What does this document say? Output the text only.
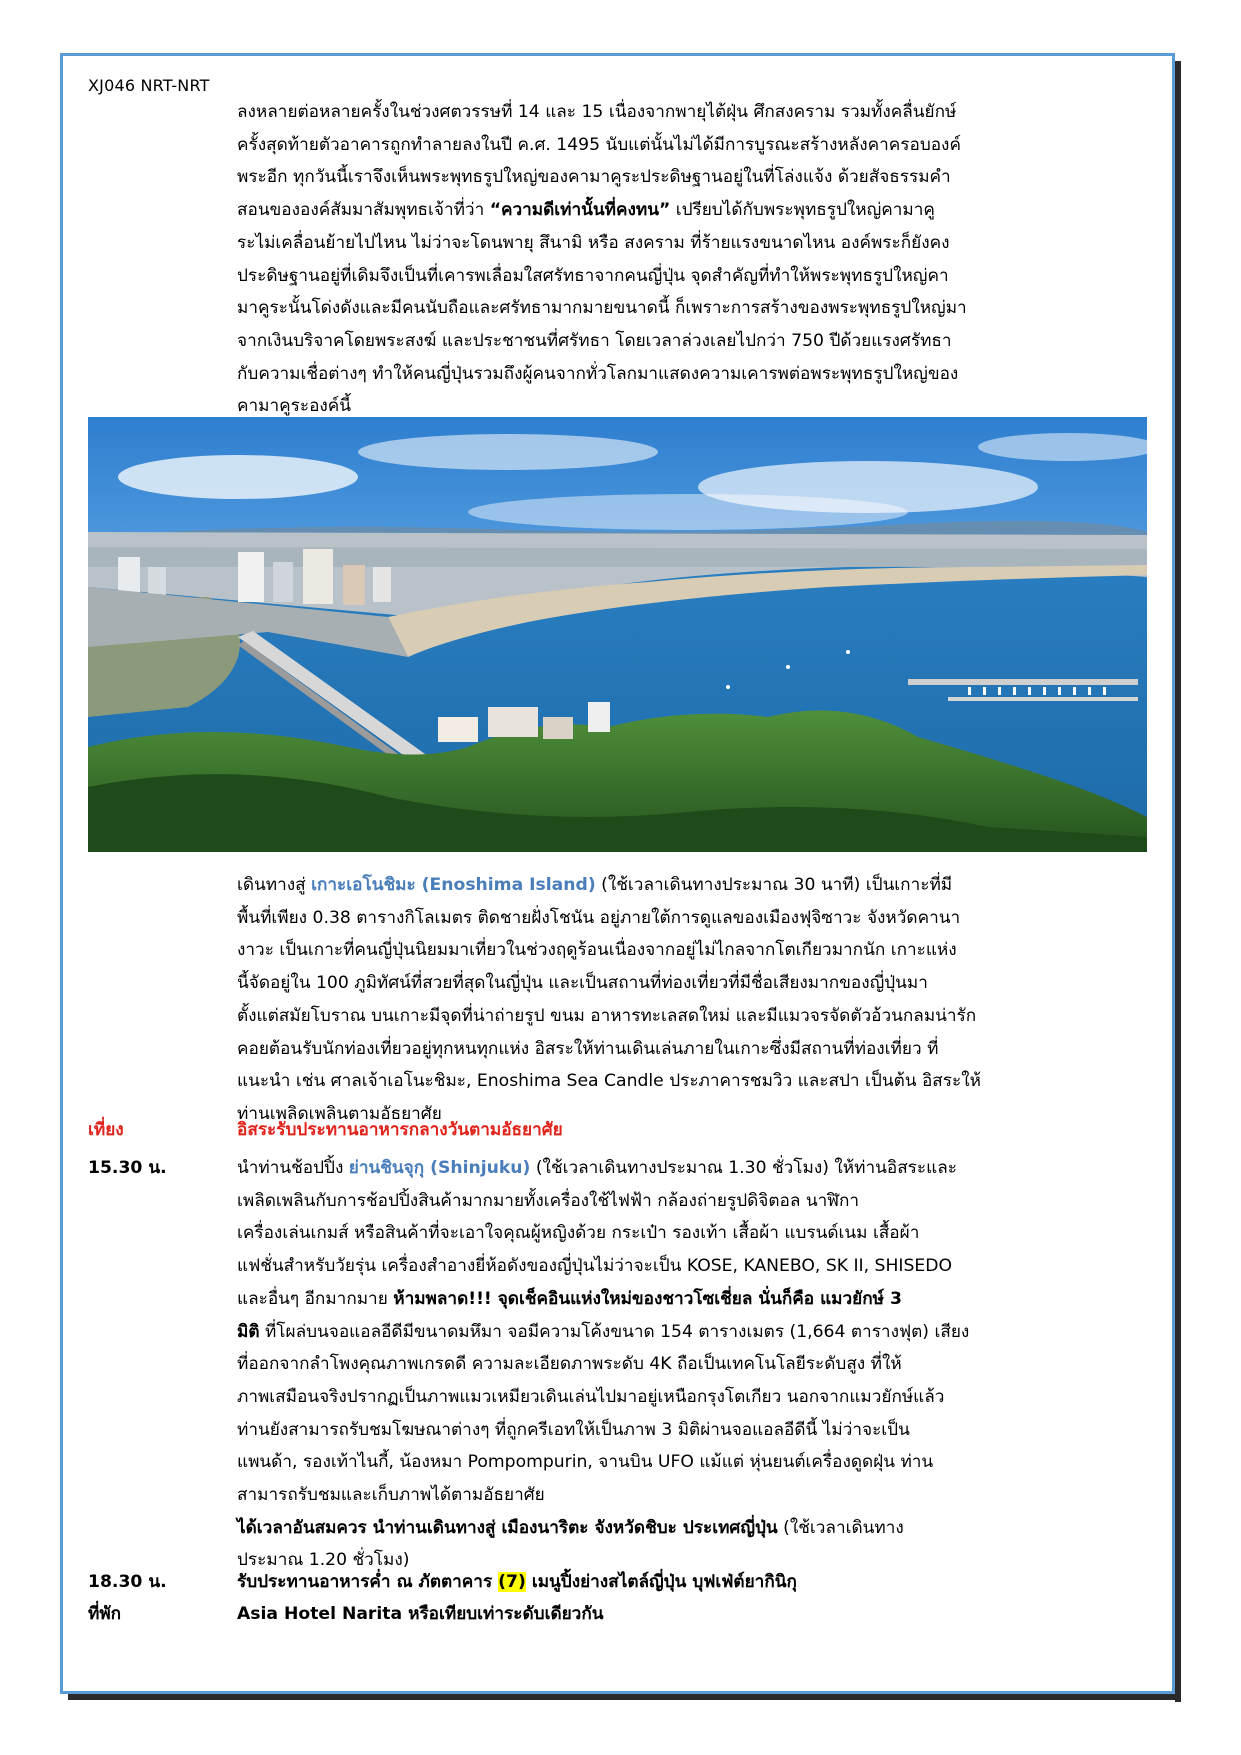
XJ046 NRT-NRT
ลงหลายต่อหลายครั้งในช่วงศตวรรษที่ 14 และ 15 เนื่องจากพายุไต้ฝุ่น ศึกสงคราม รวมทั้งคลื่นยักษ์
ครั้งสุดท้ายตัวอาคารถูกทำลายลงในปี ค.ศ. 1495 นับแต่นั้นไม่ได้มีการบูรณะสร้างหลังคาครอบองค์
พระอีก ทุกวันนี้เราจึงเห็นพระพุทธรูปใหญ่ของคามาคูระประดิษฐานอยู่ในที่โล่งแจ้ง ด้วยสัจธรรมคำ
สอนขององค์สัมมาสัมพุทธเจ้าที่ว่า “ความดีเท่านั้นที่คงทน” เปรียบได้กับพระพุทธรูปใหญ่คามาคู
ระไม่เคลื่อนย้ายไปไหน ไม่ว่าจะโดนพายุ สึนามิ หรือ สงคราม ที่ร้ายแรงขนาดไหน องค์พระก็ยังคง
ประดิษฐานอยู่ที่เดิมจึงเป็นที่เคารพเลื่อมใสศรัทธาจากคนญี่ปุ่น จุดสำคัญที่ทำให้พระพุทธรูปใหญ่คา
มาคูระนั้นโด่งดังและมีคนนับถือและศรัทธามากมายขนาดนี้ ก็เพราะการสร้างของพระพุทธรูปใหญ่มา
จากเงินบริจาคโดยพระสงฆ์ และประชาชนที่ศรัทธา โดยเวลาล่วงเลยไปกว่า 750 ปีด้วยแรงศรัทธา
กับความเชื่อต่างๆ ทำให้คนญี่ปุ่นรวมถึงผู้คนจากทั่วโลกมาแสดงความเคารพต่อพระพุทธรูปใหญ่ของ
คามาคูระองค์นี้
เดินทางสู่ เกาะเอโนชิมะ (Enoshima Island) (ใช้เวลาเดินทางประมาณ 30 นาที) เป็นเกาะที่มี
พื้นที่เพียง 0.38 ตารางกิโลเมตร ติดชายฝั่งโชนัน อยู่ภายใต้การดูแลของเมืองฟุจิซาวะ จังหวัดคานา
งาวะ เป็นเกาะที่คนญี่ปุ่นนิยมมาเที่ยวในช่วงฤดูร้อนเนื่องจากอยู่ไม่ไกลจากโตเกียวมากนัก เกาะแห่ง
นี้จัดอยู่ใน 100 ภูมิทัศน์ที่สวยที่สุดในญี่ปุ่น และเป็นสถานที่ท่องเที่ยวที่มีชื่อเสียงมากของญี่ปุ่นมา
ตั้งแต่สมัยโบราณ บนเกาะมีจุดที่น่าถ่ายรูป ขนม อาหารทะเลสดใหม่ และมีแมวจรจัดตัวอ้วนกลมน่ารัก
คอยต้อนรับนักท่องเที่ยวอยู่ทุกหนทุกแห่ง อิสระให้ท่านเดินเล่นภายในเกาะซึ่งมีสถานที่ท่องเที่ยว ที่
แนะนำ เช่น ศาลเจ้าเอโนะชิมะ, Enoshima Sea Candle ประภาคารชมวิว และสปา เป็นต้น อิสระให้
ท่านเพลิดเพลินตามอัธยาศัย
เที่ยง	อิสระรับประทานอาหารกลางวันตามอัธยาศัย
15.30 น.	นำท่านช้อปปิ้ง ย่านชินจุกุ (Shinjuku) (ใช้เวลาเดินทางประมาณ 1.30 ชั่วโมง) ให้ท่านอิสระและ
เพลิดเพลินกับการช้อปปิ้งสินค้ามากมายทั้งเครื่องใช้ไฟฟ้า กล้องถ่ายรูปดิจิตอล นาฬิกา
เครื่องเล่นเกมส์ หรือสินค้าที่จะเอาใจคุณผู้หญิงด้วย กระเป๋า รองเท้า เสื้อผ้า แบรนด์เนม เสื้อผ้า
แฟชั่นสำหรับวัยรุ่น เครื่องสำอางยี่ห้อดังของญี่ปุ่นไม่ว่าจะเป็น KOSE, KANEBO, SK II, SHISEDO
และอื่นๆ อีกมากมาย ห้ามพลาด!!! จุดเช็คอินแห่งใหม่ของชาวโซเชี่ยล นั่นก็คือ แมวยักษ์ 3
มิติ ที่โผล่บนจอแอลอีดีมีขนาดมหึมา จอมีความโค้งขนาด 154 ตารางเมตร (1,664 ตารางฟุต) เสียง
ที่ออกจากลำโพงคุณภาพเกรดดี ความละเอียดภาพระดับ 4K ถือเป็นเทคโนโลยีระดับสูง ที่ให้
ภาพเสมือนจริงปรากฏเป็นภาพแมวเหมียวเดินเล่นไปมาอยู่เหนือกรุงโตเกียว นอกจากแมวยักษ์แล้ว
ท่านยังสามารถรับชมโฆษณาต่างๆ ที่ถูกครีเอทให้เป็นภาพ 3 มิติผ่านจอแอลอีดีนี้ ไม่ว่าจะเป็น
แพนด้า, รองเท้าไนกี้, น้องหมา Pompompurin, จานบิน UFO แม้แต่ หุ่นยนต์เครื่องดูดฝุ่น ท่าน
สามารถรับชมและเก็บภาพได้ตามอัธยาศัย
ได้เวลาอันสมควร นำท่านเดินทางสู่ เมืองนาริตะ จังหวัดชิบะ ประเทศญี่ปุ่น (ใช้เวลาเดินทาง
ประมาณ 1.20 ชั่วโมง)
18.30 น.	รับประทานอาหารค่ำ ณ ภัตตาคาร (7) เมนูปิ้งย่างสไตล์ญี่ปุ่น บุฟเฟ่ต์ยากินิกุ
ที่พัก	Asia Hotel Narita หรือเทียบเท่าระดับเดียวกัน
